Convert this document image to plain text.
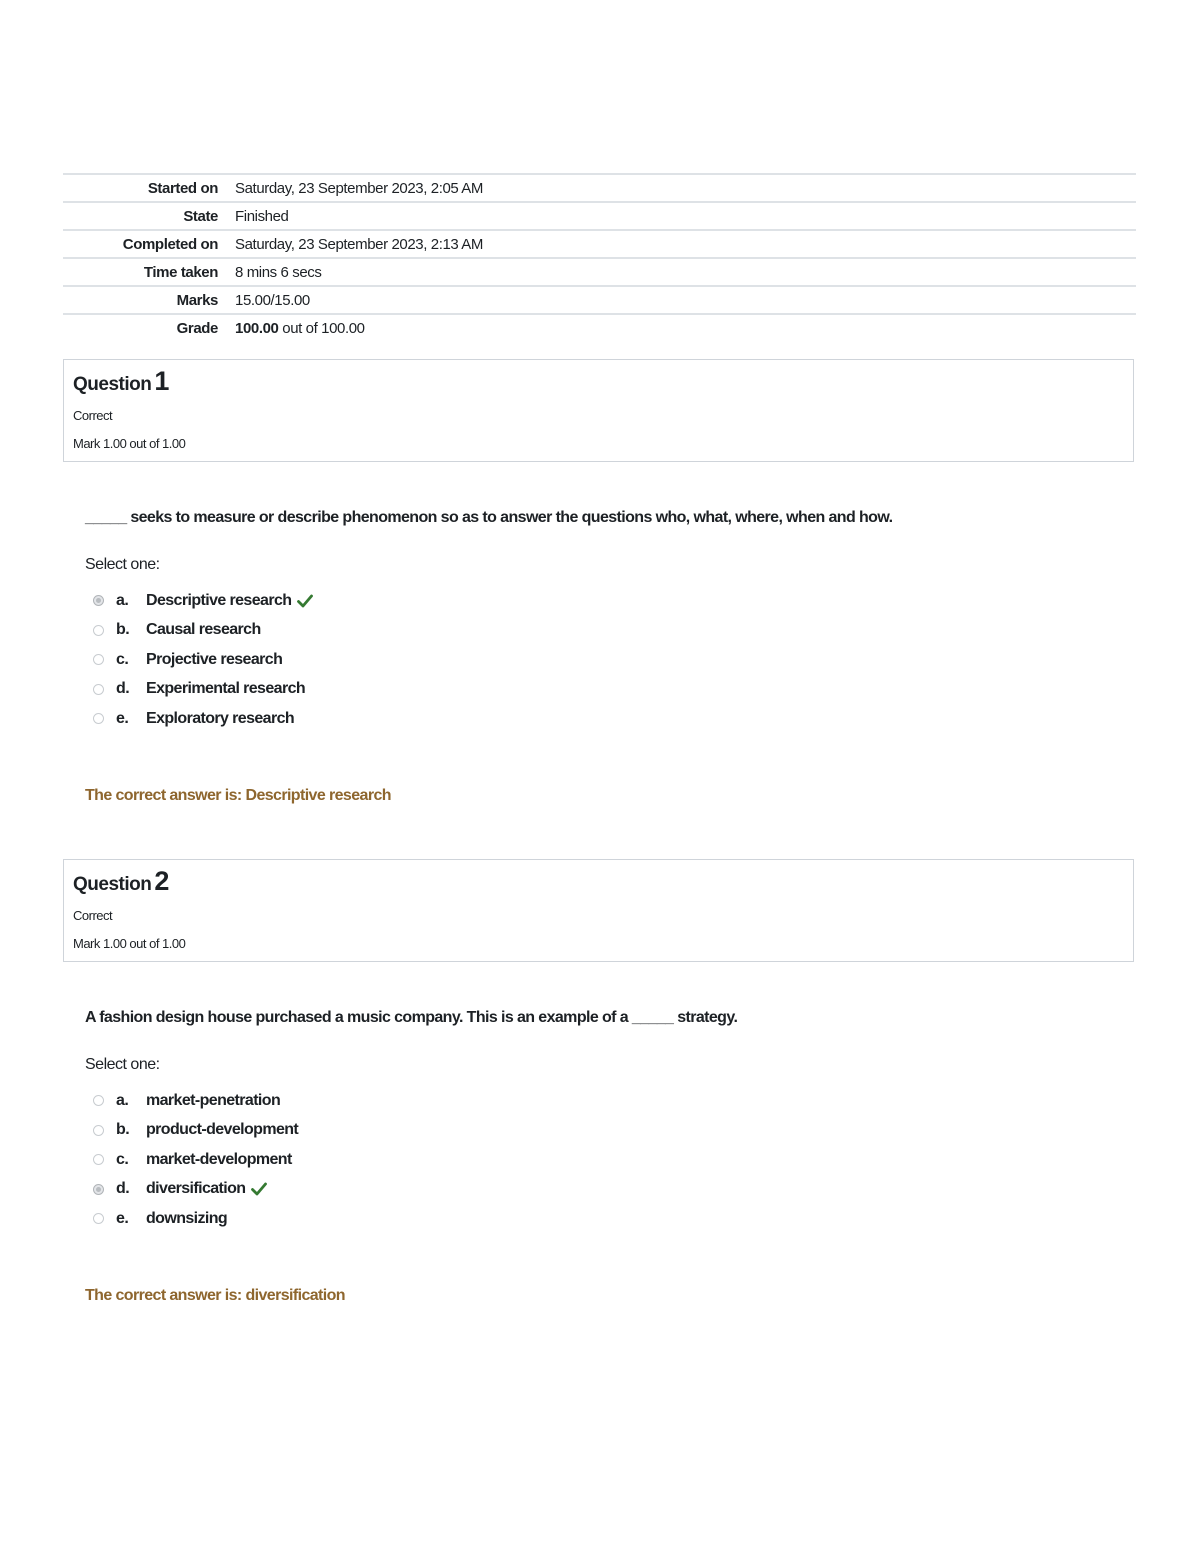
Started on	Saturday, 23 September 2023, 2:05 AM
State	Finished
Completed on	Saturday, 23 September 2023, 2:13 AM
Time taken	8 mins 6 secs
Marks	15.00/15.00
Grade	100.00 out of 100.00
Question 1
Correct
Mark 1.00 out of 1.00
_____ seeks to measure or describe phenomenon so as to answer the questions who, what, where, when and how.
Select one:
a.	Descriptive research
b.	Causal research
c.	Projective research
d.	Experimental research
e.	Exploratory research
The correct answer is: Descriptive research
Question 2
Correct
Mark 1.00 out of 1.00
A fashion design house purchased a music company. This is an example of a _____ strategy.
Select one:
a.	market-penetration
b.	product-development
c.	market-development
d.	diversification
e.	downsizing
The correct answer is: diversification
